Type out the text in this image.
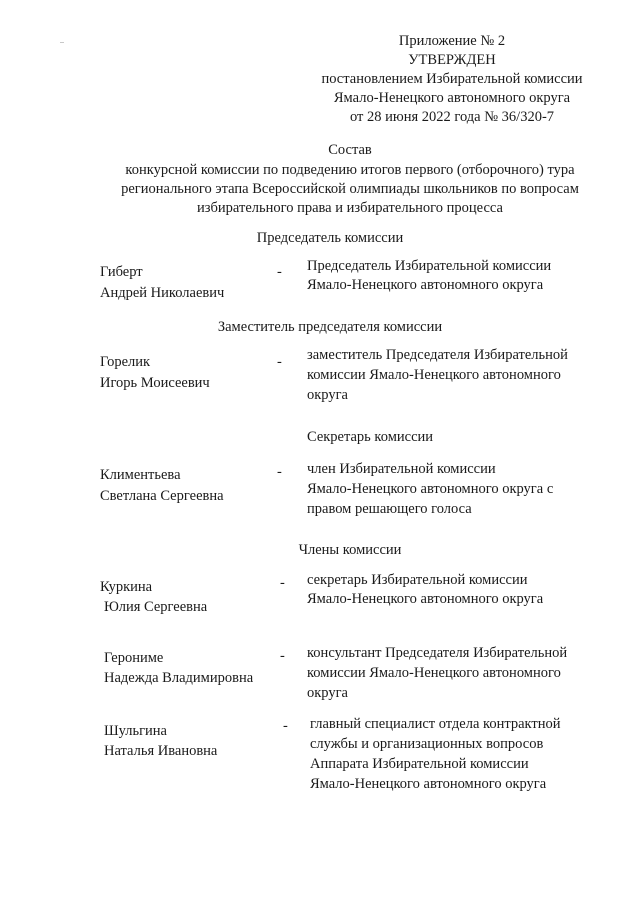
Приложение № 2
УТВЕРЖДЕН
постановлением Избирательной комиссии
Ямало-Ненецкого автономного округа
от 28 июня 2022 года № 36/320-7
Состав
конкурсной комиссии по подведению итогов первого (отборочного) тура
регионального этапа Всероссийской олимпиады школьников по вопросам
избирательного права и избирательного процесса
Председатель комиссии
Гиберт
Андрей Николаевич
- Председатель Избирательной комиссии
Ямало-Ненецкого автономного округа
Заместитель председателя комиссии
Горелик
Игорь Моисеевич
- заместитель Председателя Избирательной
комиссии Ямало-Ненецкого автономного
округа
Секретарь комиссии
Климентьева
Светлана Сергеевна
- член Избирательной комиссии
Ямало-Ненецкого автономного округа с
правом решающего голоса
Члены комиссии
Куркина
Юлия Сергеевна
- секретарь Избирательной комиссии
Ямало-Ненецкого автономного округа
Герониме
Надежда Владимировна
- консультант Председателя Избирательной
комиссии Ямало-Ненецкого автономного
округа
Шульгина
Наталья Ивановна
- главный специалист отдела контрактной
службы и организационных вопросов
Аппарата Избирательной комиссии
Ямало-Ненецкого автономного округа
